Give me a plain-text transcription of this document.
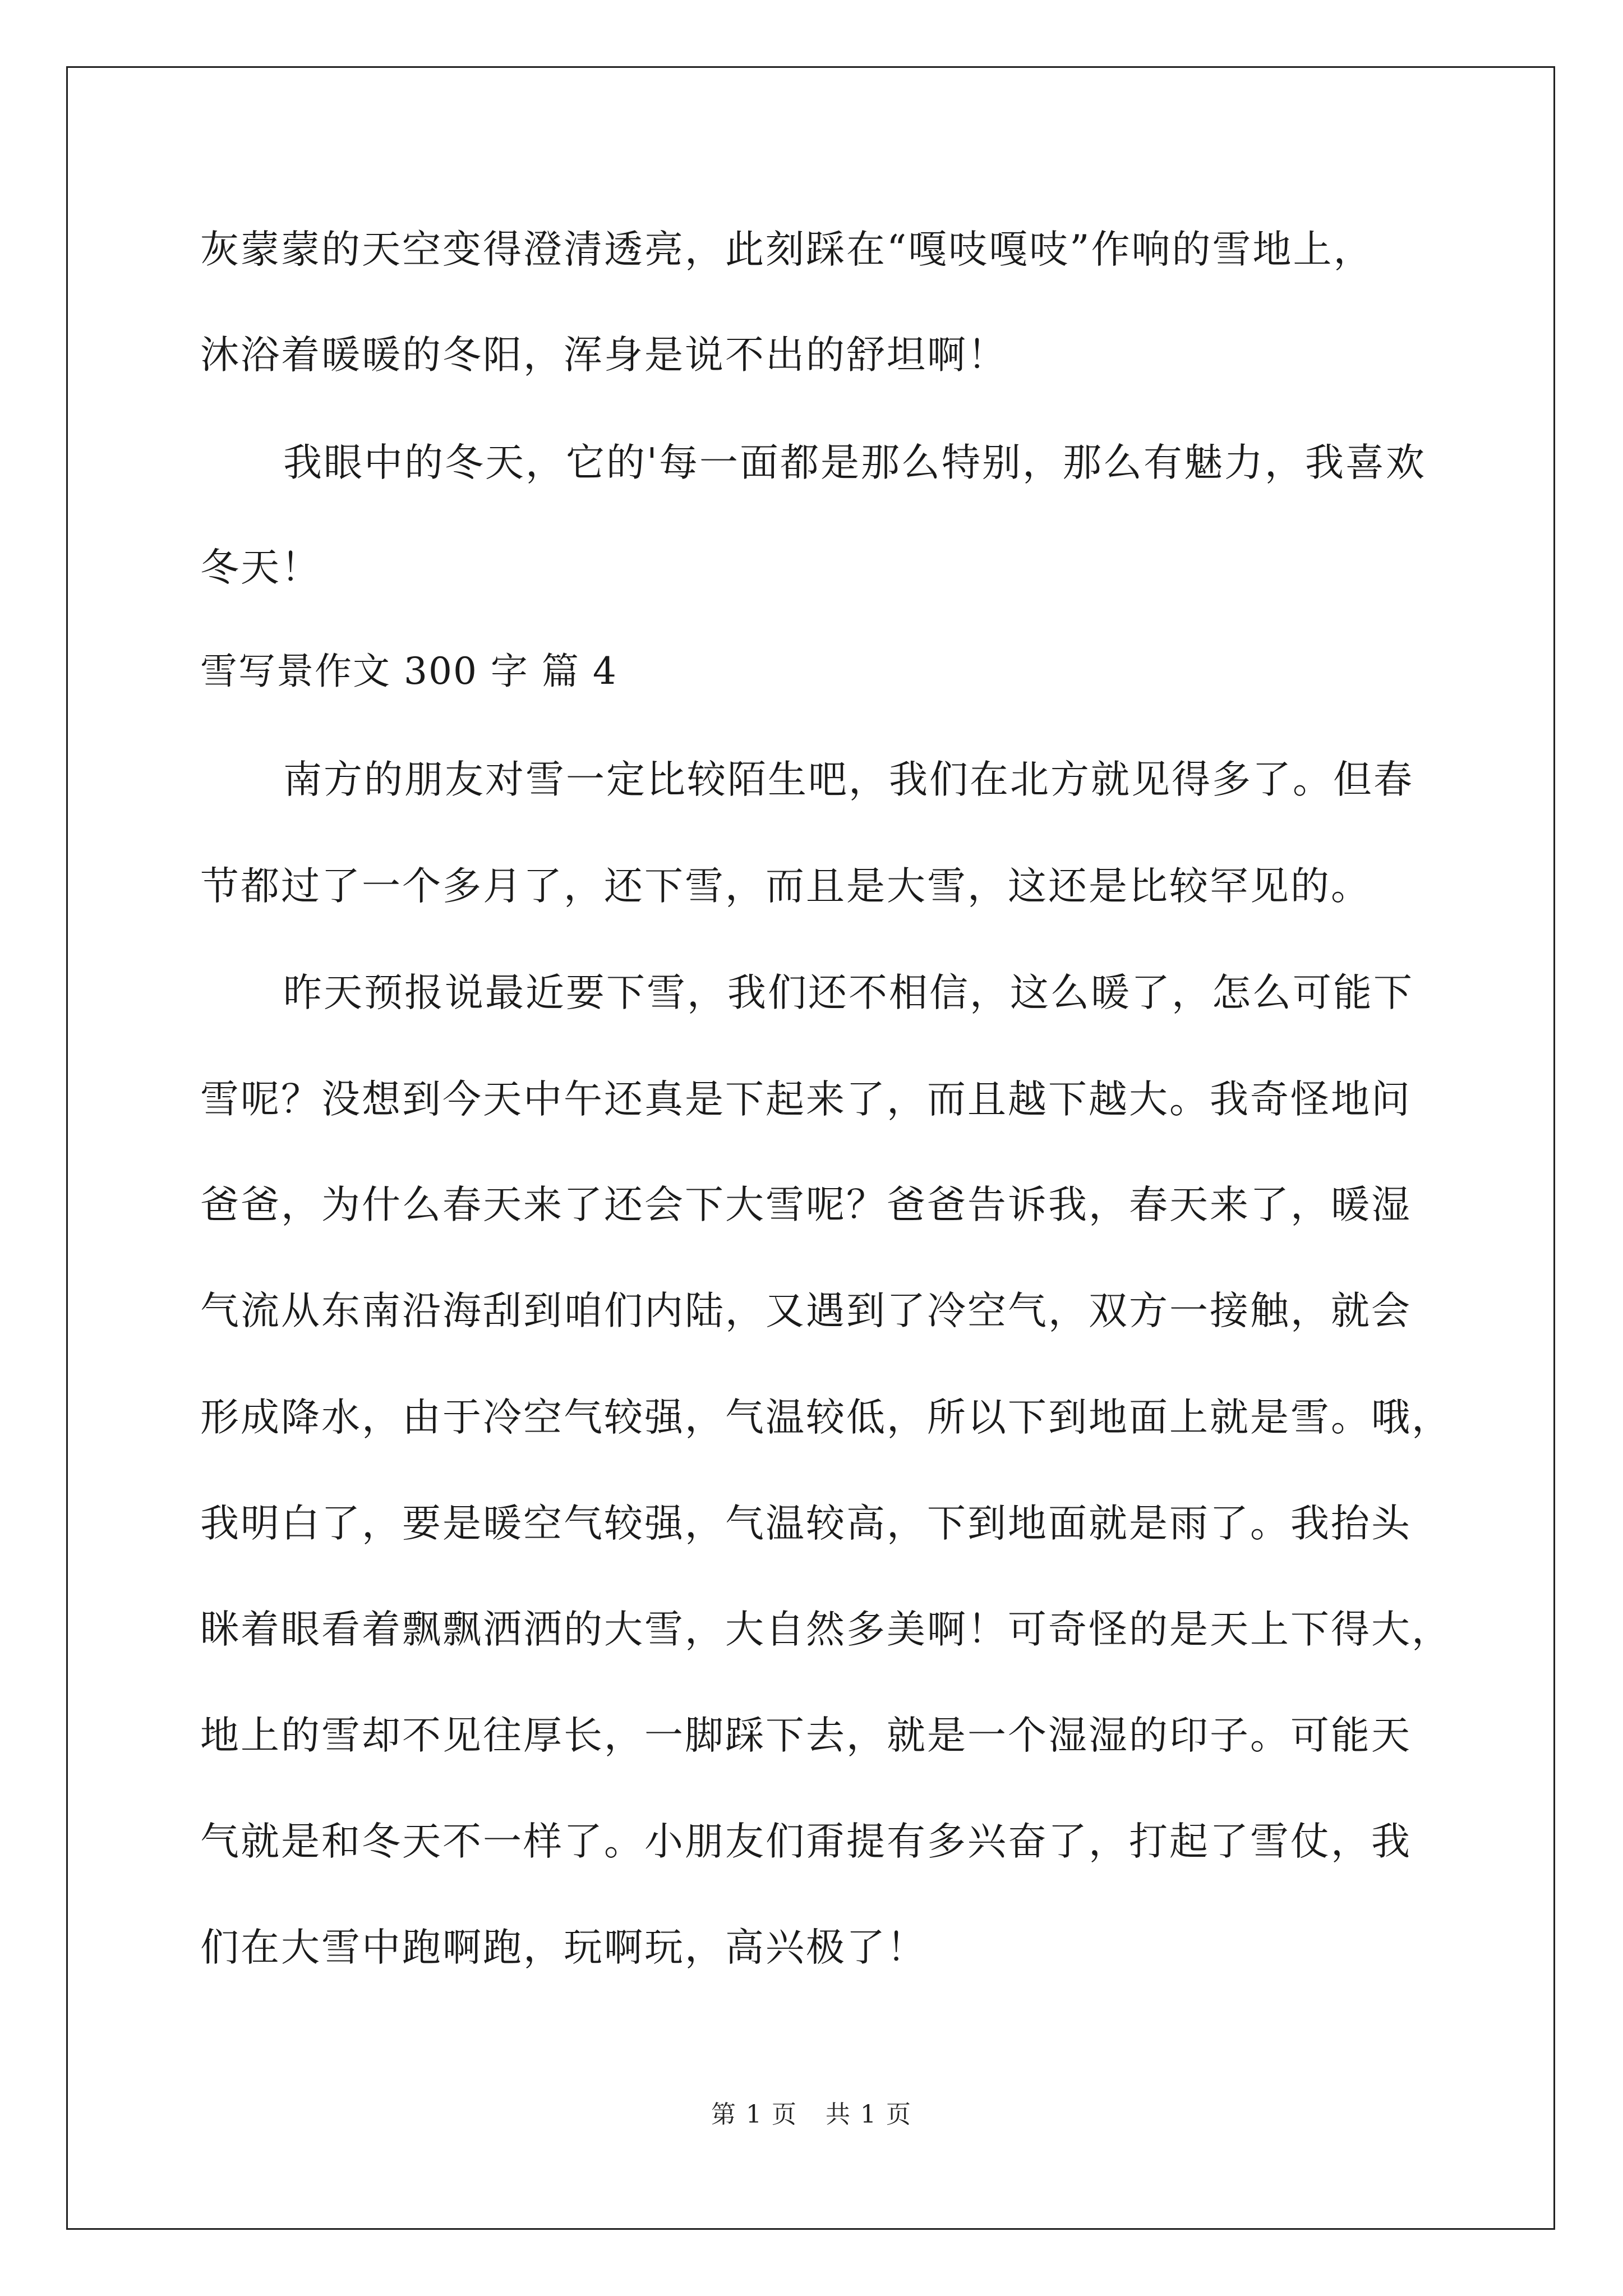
灰蒙蒙的天空变得澄清透亮，此刻踩在“嘎吱嘎吱”作响的雪地上，
沐浴着暖暖的冬阳，浑身是说不出的舒坦啊！
我眼中的冬天，它的'每一面都是那么特别，那么有魅力，我喜欢
冬天！
雪写景作文 300 字 篇 4
南方的朋友对雪一定比较陌生吧，我们在北方就见得多了。但春
节都过了一个多月了，还下雪，而且是大雪，这还是比较罕见的。
昨天预报说最近要下雪，我们还不相信，这么暖了，怎么可能下
雪呢？没想到今天中午还真是下起来了，而且越下越大。我奇怪地问
爸爸，为什么春天来了还会下大雪呢？爸爸告诉我，春天来了，暖湿
气流从东南沿海刮到咱们内陆，又遇到了冷空气，双方一接触，就会
形成降水，由于冷空气较强，气温较低，所以下到地面上就是雪。哦，
我明白了，要是暖空气较强，气温较高，下到地面就是雨了。我抬头
眯着眼看着飘飘洒洒的大雪，大自然多美啊！可奇怪的是天上下得大，
地上的雪却不见往厚长，一脚踩下去，就是一个湿湿的印子。可能天
气就是和冬天不一样了。小朋友们甭提有多兴奋了，打起了雪仗，我
们在大雪中跑啊跑，玩啊玩，高兴极了！
第 1 页 共 1 页
